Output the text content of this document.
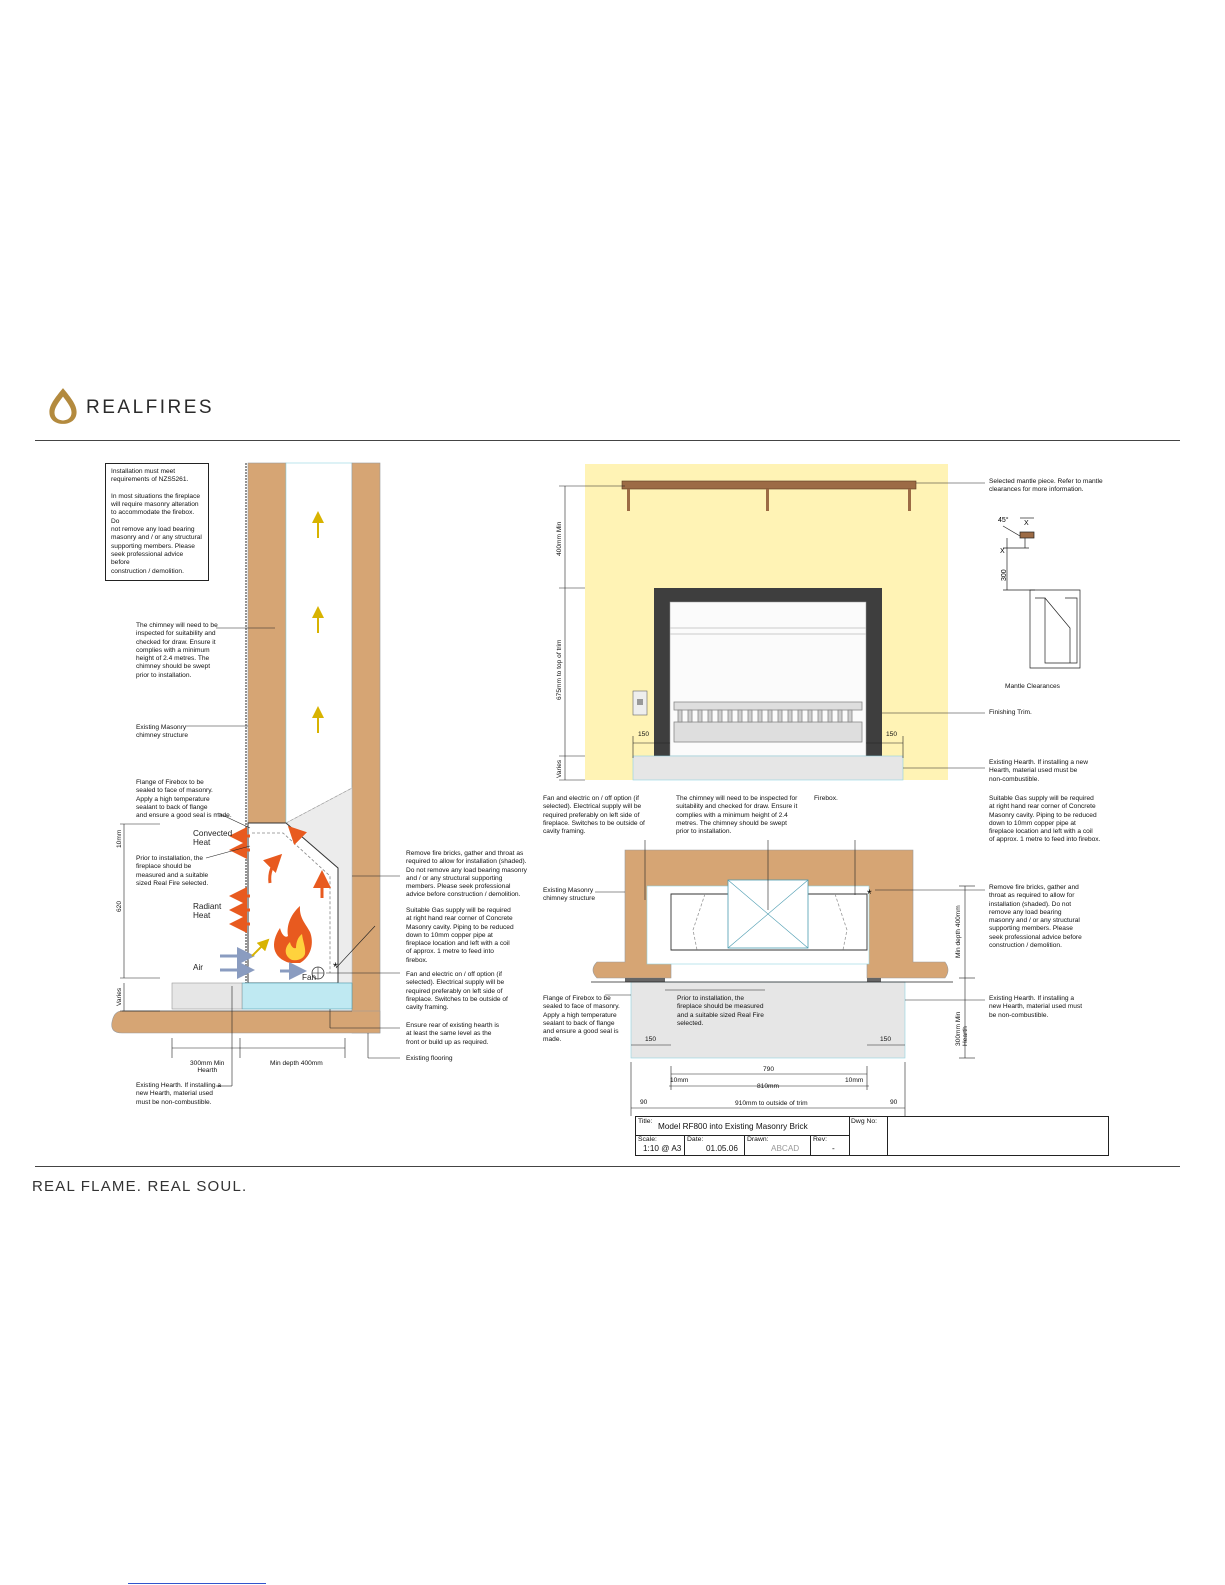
REALFIRES
REAL FLAME. REAL SOUL.
*
Installation must meet
requirements of NZS5261.

In most situations the fireplace
will require masonry alteration
to accommodate the firebox. Do
not remove any load bearing
masonry and / or any structural
supporting members. Please
seek professional advice before
construction / demolition.
The chimney will need to be
inspected for suitability and
checked for draw. Ensure it
complies with a minimum
height of 2.4 metres. The
chimney should be swept
prior to installation.
Existing Masonry
chimney structure
Flange of Firebox to be
sealed to face of masonry.
Apply a high temperature
sealant to back of flange
and ensure a good seal is made.
Convected
Heat
Prior to installation, the
fireplace should be
measured and a suitable
sized Real Fire selected.
Radiant
Heat
Air
Fan
10mm
620
Varies
300mm Min
Hearth
Min depth 400mm
Existing Hearth. If installing a
new Hearth, material used
must be non-combustible.
Remove fire bricks, gather and throat as
required to allow for installation (shaded).
Do not remove any load bearing masonry
and / or any structural supporting
members. Please seek professional
advice before construction / demolition.
Suitable Gas supply will be required
at right hand rear corner of Concrete
Masonry cavity. Piping to be reduced
down to 10mm copper pipe at
fireplace location and left with a coil
of approx. 1 metre to feed into
firebox.
Fan and electric on / off option (if
selected). Electrical supply will be
required preferably on left side of
fireplace. Switches to be outside of
cavity framing.
Ensure rear of existing hearth is
at least the same level as the
front or build up as required.
Existing flooring
45° X
X
300
400mm Min
675mm to top of trim
Varies
150	150
Selected mantle piece. Refer to mantle
clearances for more information.
Finishing Trim.
Existing Hearth. If installing a new
Hearth, material used must be
non-combustible.
Mantle Clearances
*
Fan and electric on / off option (if
selected). Electrical supply will be
required preferably on left side of
fireplace. Switches to be outside of
cavity framing.
The chimney will need to be inspected for
suitability and checked for draw. Ensure it
complies with a minimum height of 2.4
metres. The chimney should be swept
prior to installation.
Firebox.	Suitable Gas supply will be required
at right hand rear corner of Concrete
Masonry cavity. Piping to be reduced
down to 10mm copper pipe at
fireplace location and left with a coil
of approx. 1 metre to feed into firebox.
Existing Masonry
chimney structure
Remove fire bricks, gather and
throat as required to allow for
installation (shaded). Do not
remove any load bearing
masonry and / or any structural
supporting members. Please
seek professional advice before
construction / demolition.
Flange of Firebox to be
sealed to face of masonry.
Apply a high temperature
sealant to back of flange
and ensure a good seal is
made.
Prior to installation, the
fireplace should be measured
and a suitable sized Real Fire
selected.
Existing Hearth. If installing a
new Hearth, material used must
be non-combustible.
Min depth 400mm
300mm Min
Hearth
150	150
790
10mm	10mm
810mm
90	90
910mm to outside of trim
Title:
Model RF800 into Existing Masonry Brick
Dwg No:
Scale:
1:10 @ A3
Date:
01.05.06
Drawn:
ABCAD
Rev:
-
